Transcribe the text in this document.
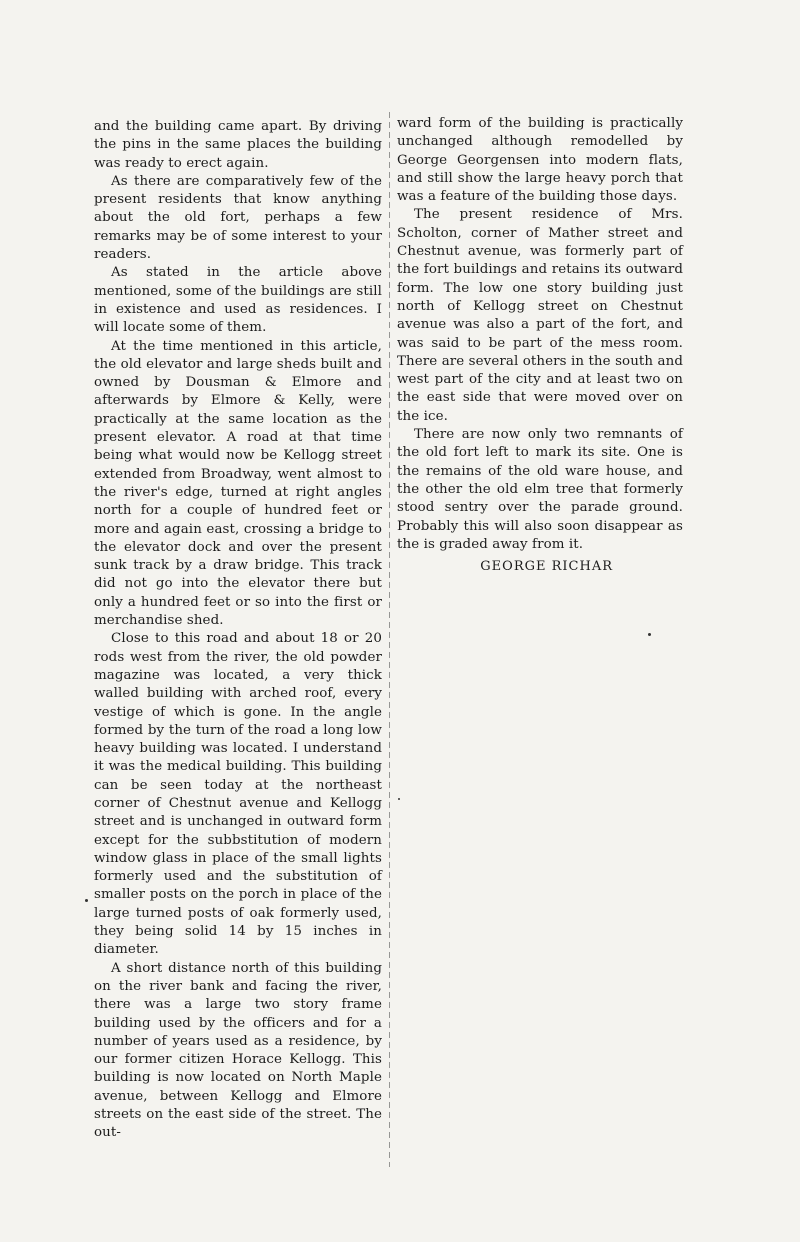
and the building came apart. By driving the pins in the same places the building was ready to erect again.

As there are comparatively few of the present residents that know anything about the old fort, perhaps a few remarks may be of some interest to your readers.

As stated in the article above mentioned, some of the buildings are still in existence and used as residences. I will locate some of them.

At the time mentioned in this article, the old elevator and large sheds built and owned by Dousman & Elmore and afterwards by Elmore & Kelly, were practically at the same location as the present elevator. A road at that time being what would now be Kellogg street extended from Broadway, went almost to the river's edge, turned at right angles north for a couple of hundred feet or more and again east, crossing a bridge to the elevator dock and over the present sunk track by a draw bridge. This track did not go into the elevator there but only a hundred feet or so into the first or merchandise shed.

Close to this road and about 18 or 20 rods west from the river, the old powder magazine was located, a very thick walled building with arched roof, every vestige of which is gone. In the angle formed by the turn of the road a long low heavy building was located. I understand it was the medical building. This building can be seen today at the northeast corner of Chestnut avenue and Kellogg street and is unchanged in outward form except for the subbstitution of modern window glass in place of the small lights formerly used and the substitution of smaller posts on the porch in place of the large turned posts of oak formerly used, they being solid 14 by 15 inches in diameter.

A short distance north of this building on the river bank and facing the river, there was a large two story frame building used by the officers and for a number of years used as a residence, by our former citizen Horace Kellogg. This building is now located on North Maple avenue, between Kellogg and Elmore streets on the east side of the street. The out-

ward form of the building is practically unchanged although remodelled by George Georgensen into modern flats, and still show the large heavy porch that was a feature of the building those days.

The present residence of Mrs. Scholton, corner of Mather street and Chestnut avenue, was formerly part of the fort buildings and retains its outward form. The low one story building just north of Kellogg street on Chestnut avenue was also a part of the fort, and was said to be part of the mess room. There are several others in the south and west part of the city and at least two on the east side that were moved over on the ice.

There are now only two remnants of the old fort left to mark its site. One is the remains of the old ware house, and the other the old elm tree that formerly stood sentry over the parade ground. Probably this will also soon disappear as the is graded away from it.

GEORGE RICHAR
